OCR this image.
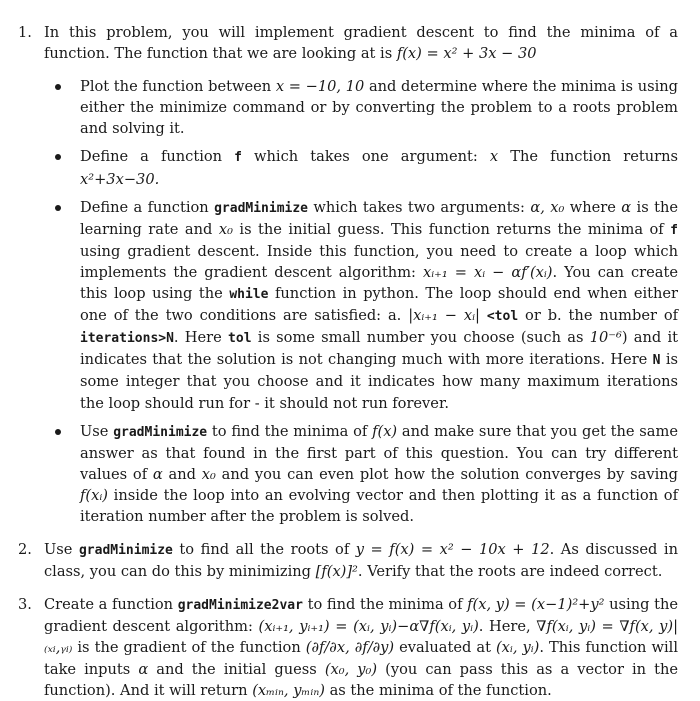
1. In this problem, you will implement gradient descent to find the minima of a function. The function that we are looking at is f(x) = x² + 3x − 30
Plot the function between x = −10, 10 and determine where the minima is using either the minimize command or by converting the problem to a roots problem and solving it.
Define a function f which takes one argument: x The function returns x²+3x−30.
Define a function gradMinimize which takes two arguments: α, x₀ where α is the learning rate and x₀ is the initial guess. This function returns the minima of f using gradient descent. Inside this function, you need to create a loop which implements the gradient descent algorithm: xᵢ₊₁ = xᵢ − αf′(xᵢ). You can create this loop using the while function in python. The loop should end when either one of the two conditions are satisfied: a. |xᵢ₊₁ − xᵢ| <tol or b. the number of iterations>N. Here tol is some small number you choose (such as 10⁻⁶) and it indicates that the solution is not changing much with more iterations. Here N is some integer that you choose and it indicates how many maximum iterations the loop should run for - it should not run forever.
Use gradMinimize to find the minima of f(x) and make sure that you get the same answer as that found in the first part of this question. You can try different values of α and x₀ and you can even plot how the solution converges by saving f(xᵢ) inside the loop into an evolving vector and then plotting it as a function of iteration number after the problem is solved.
2. Use gradMinimize to find all the roots of y = f(x) = x² − 10x + 12. As discussed in class, you can do this by minimizing [f(x)]². Verify that the roots are indeed correct.
3. Create a function gradMinimize2var to find the minima of f(x, y) = (x−1)²+y² using the gradient descent algorithm: (xᵢ₊₁, yᵢ₊₁) = (xᵢ, yᵢ)−α∇f(xᵢ, yᵢ). Here, ∇f(xᵢ, yᵢ) = ∇f(x, y)|₍ₓᵢ,ᵧᵢ₎ is the gradient of the function (∂f/∂x, ∂f/∂y) evaluated at (xᵢ, yᵢ). This function will take inputs α and the initial guess (x₀, y₀) (you can pass this as a vector in the function). And it will return (xₘᵢₙ, yₘᵢₙ) as the minima of the function.
